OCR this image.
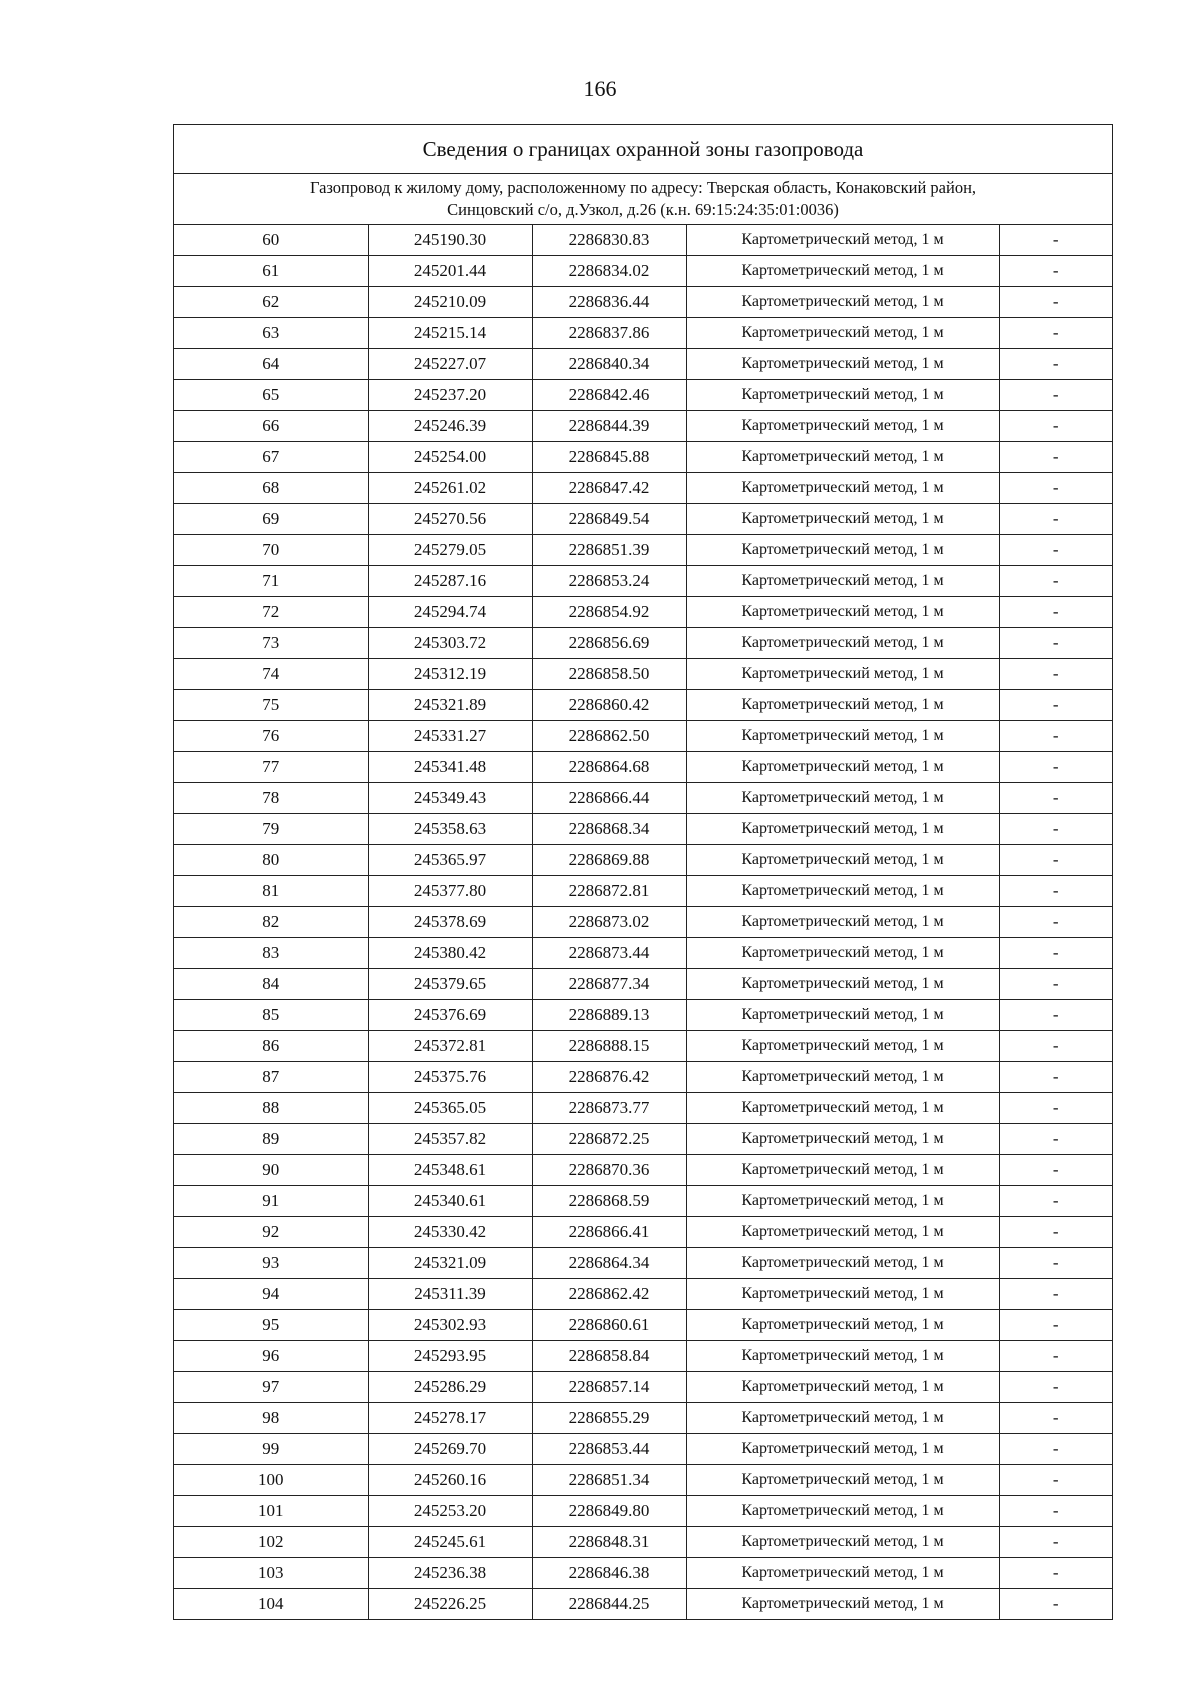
166
Сведения о границах охранной зоны газопровода
Газопровод к жилому дому, расположенному по адресу: Тверская область, Конаковский район,
Синцовский с/о, д.Узкол, д.26 (к.н. 69:15:24:35:01:0036)
60	245190.30	2286830.83	Картометрический метод, 1 м	-
61	245201.44	2286834.02	Картометрический метод, 1 м	-
62	245210.09	2286836.44	Картометрический метод, 1 м	-
63	245215.14	2286837.86	Картометрический метод, 1 м	-
64	245227.07	2286840.34	Картометрический метод, 1 м	-
65	245237.20	2286842.46	Картометрический метод, 1 м	-
66	245246.39	2286844.39	Картометрический метод, 1 м	-
67	245254.00	2286845.88	Картометрический метод, 1 м	-
68	245261.02	2286847.42	Картометрический метод, 1 м	-
69	245270.56	2286849.54	Картометрический метод, 1 м	-
70	245279.05	2286851.39	Картометрический метод, 1 м	-
71	245287.16	2286853.24	Картометрический метод, 1 м	-
72	245294.74	2286854.92	Картометрический метод, 1 м	-
73	245303.72	2286856.69	Картометрический метод, 1 м	-
74	245312.19	2286858.50	Картометрический метод, 1 м	-
75	245321.89	2286860.42	Картометрический метод, 1 м	-
76	245331.27	2286862.50	Картометрический метод, 1 м	-
77	245341.48	2286864.68	Картометрический метод, 1 м	-
78	245349.43	2286866.44	Картометрический метод, 1 м	-
79	245358.63	2286868.34	Картометрический метод, 1 м	-
80	245365.97	2286869.88	Картометрический метод, 1 м	-
81	245377.80	2286872.81	Картометрический метод, 1 м	-
82	245378.69	2286873.02	Картометрический метод, 1 м	-
83	245380.42	2286873.44	Картометрический метод, 1 м	-
84	245379.65	2286877.34	Картометрический метод, 1 м	-
85	245376.69	2286889.13	Картометрический метод, 1 м	-
86	245372.81	2286888.15	Картометрический метод, 1 м	-
87	245375.76	2286876.42	Картометрический метод, 1 м	-
88	245365.05	2286873.77	Картометрический метод, 1 м	-
89	245357.82	2286872.25	Картометрический метод, 1 м	-
90	245348.61	2286870.36	Картометрический метод, 1 м	-
91	245340.61	2286868.59	Картометрический метод, 1 м	-
92	245330.42	2286866.41	Картометрический метод, 1 м	-
93	245321.09	2286864.34	Картометрический метод, 1 м	-
94	245311.39	2286862.42	Картометрический метод, 1 м	-
95	245302.93	2286860.61	Картометрический метод, 1 м	-
96	245293.95	2286858.84	Картометрический метод, 1 м	-
97	245286.29	2286857.14	Картометрический метод, 1 м	-
98	245278.17	2286855.29	Картометрический метод, 1 м	-
99	245269.70	2286853.44	Картометрический метод, 1 м	-
100	245260.16	2286851.34	Картометрический метод, 1 м	-
101	245253.20	2286849.80	Картометрический метод, 1 м	-
102	245245.61	2286848.31	Картометрический метод, 1 м	-
103	245236.38	2286846.38	Картометрический метод, 1 м	-
104	245226.25	2286844.25	Картометрический метод, 1 м	-
